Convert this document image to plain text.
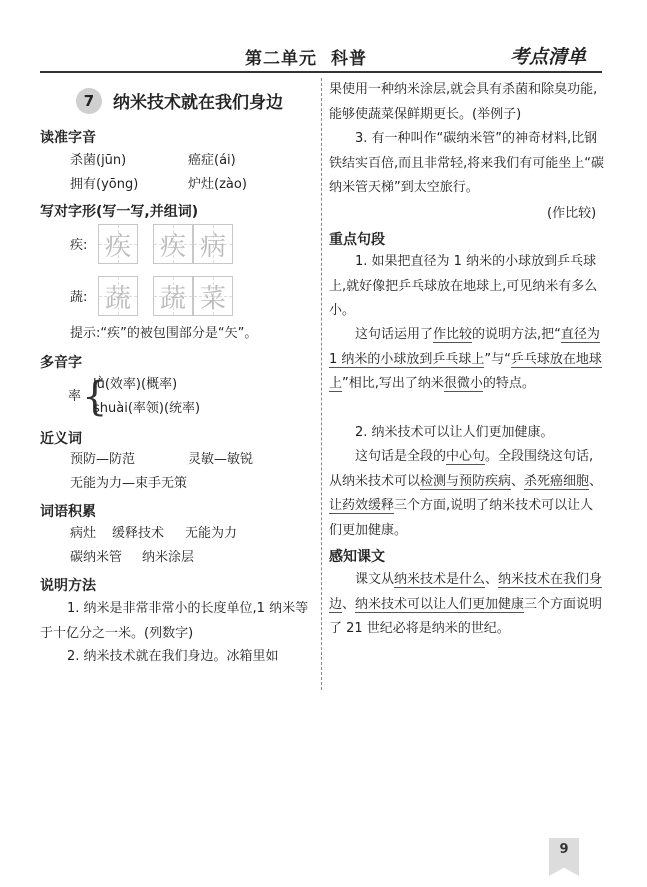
第二单元 科普	考点清单
7	纳米技术就在我们身边
读准字音
杀菌(jūn)	癌症(ái)
拥有(yōng)	炉灶(zào)
写对字形(写一写,并组词)
疾: 疾 疾 病
蔬: 蔬 蔬 菜
提示:“疾”的被包围部分是“矢”。
多音字
率 {
lǜ(效率)(概率)
shuài(率领)(统率)
近义词
预防—防范	灵敏—敏锐
无能为力—束手无策
词语积累
病灶 缓释技术 无能为力
碳纳米管 纳米涂层
说明方法
1. 纳米是非常非常小的长度单位,1 纳米等于十亿分之一米。(列数字)
2. 纳米技术就在我们身边。冰箱里如
果使用一种纳米涂层,就会具有杀菌和除臭功能,能够使蔬菜保鲜期更长。(举例子)
3. 有一种叫作“碳纳米管”的神奇材料,比钢铁结实百倍,而且非常轻,将来我们有可能坐上“碳纳米管天梯”到太空旅行。
(作比较)
重点句段
1. 如果把直径为 1 纳米的小球放到乒乓球上,就好像把乒乓球放在地球上,可见纳米有多么小。
这句话运用了作比较的说明方法,把“直径为 1 纳米的小球放到乒乓球上”与“乒乓球放在地球上”相比,写出了纳米很微小的特点。
2. 纳米技术可以让人们更加健康。
这句话是全段的中心句。全段围绕这句话,从纳米技术可以检测与预防疾病、杀死癌细胞、让药效缓释三个方面,说明了纳米技术可以让人们更加健康。
感知课文
课文从纳米技术是什么、纳米技术在我们身边、纳米技术可以让人们更加健康三个方面说明了 21 世纪必将是纳米的世纪。
9
